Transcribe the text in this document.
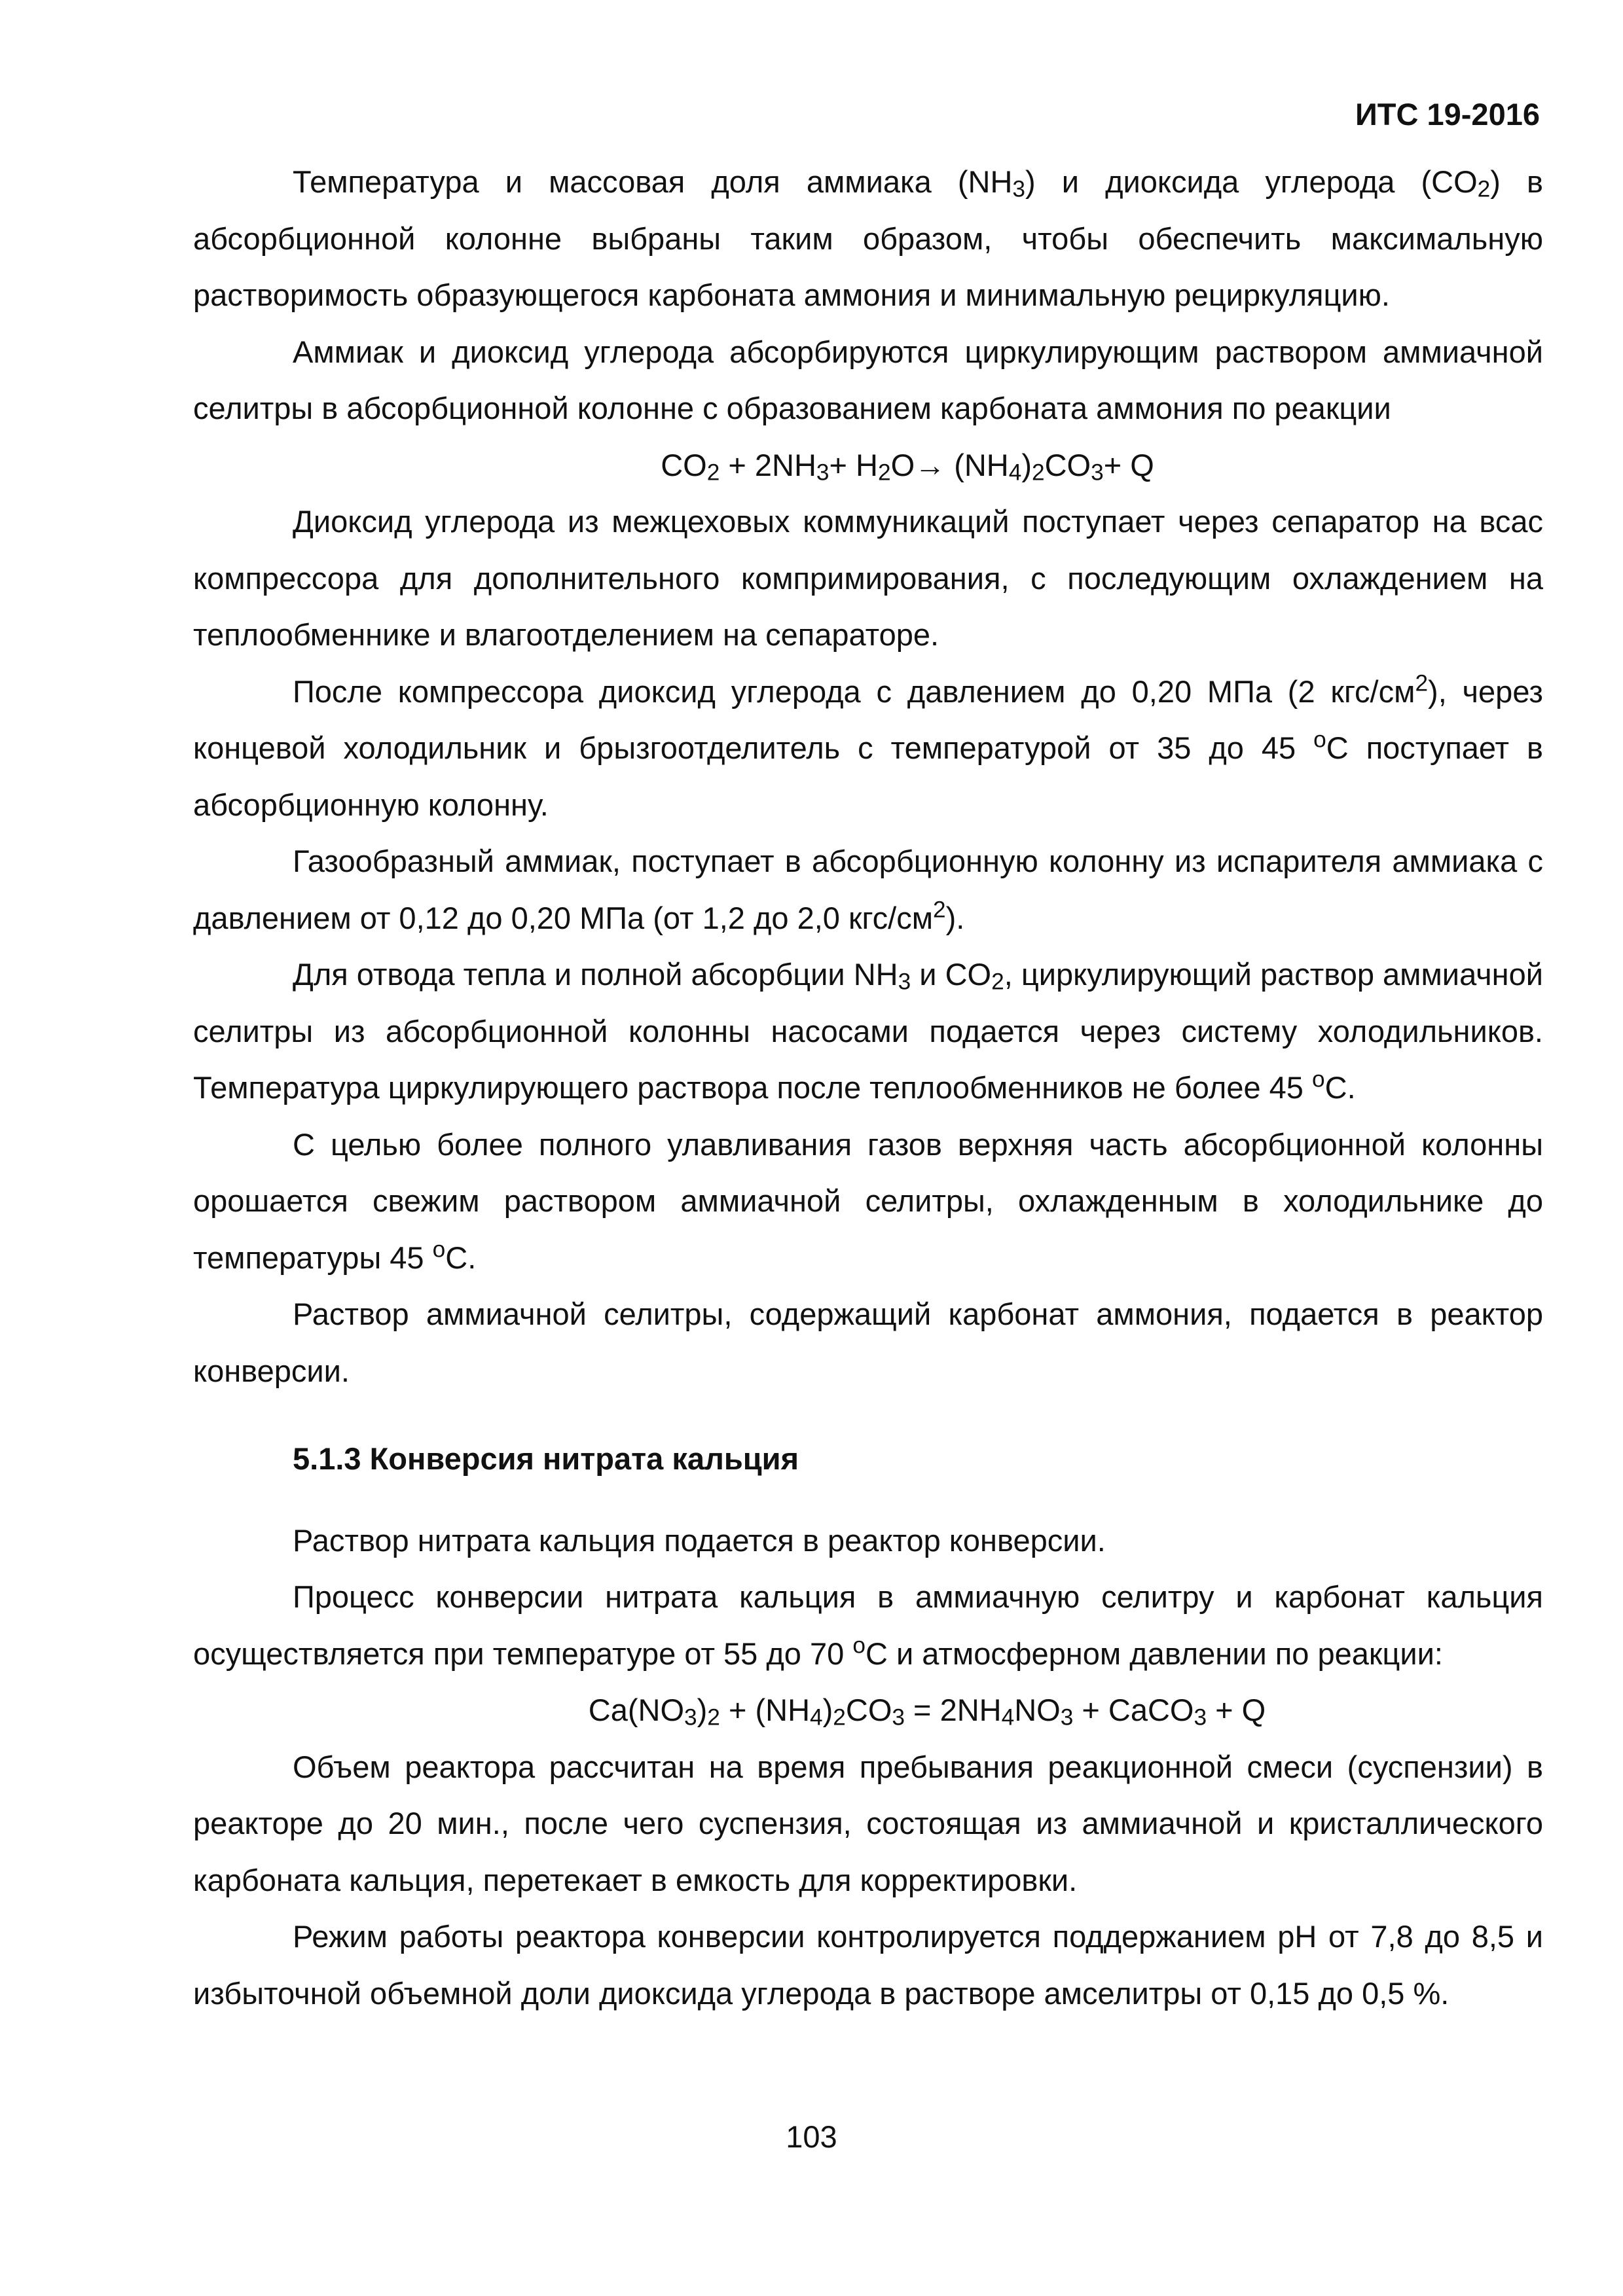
ИТС 19-2016

Температура и массовая доля аммиака (NH3) и диоксида углерода (CO2) в абсорбционной колонне выбраны таким образом, чтобы обеспечить максимальную растворимость образующегося карбоната аммония и минимальную рециркуляцию.

Аммиак и диоксид углерода абсорбируются циркулирующим раствором аммиачной селитры в абсорбционной колонне с образованием карбоната аммония по реакции

CO2 + 2NH3+ H2O→ (NH4)2CO3+ Q

Диоксид углерода из межцеховых коммуникаций поступает через сепаратор на всас компрессора для дополнительного компримирования, с последующим охлаждением на теплообменнике и влагоотделением на сепараторе.

После компрессора диоксид углерода с давлением до 0,20 МПа (2 кгс/$см^2$), через концевой холодильник и брызгоотделитель с температурой от 35 до 45 $^о$С поступает в абсорбционную колонну.

Газообразный аммиак, поступает в абсорбционную колонну из испарителя аммиака с давлением от 0,12 до 0,20 МПа (от 1,2 до 2,0 кгс/$см^2$).

Для отвода тепла и полной абсорбции NH3 и CO2, циркулирующий раствор аммиачной селитры из абсорбционной колонны насосами подается через систему холодильников. Температура циркулирующего раствора после теплообменников не более 45 $^о$С.

С целью более полного улавливания газов верхняя часть абсорбционной колонны орошается свежим раствором аммиачной селитры, охлажденным в холодильнике до температуры 45 $^о$С.

Раствор аммиачной селитры, содержащий карбонат аммония, подается в реактор конверсии.

5.1.3 Конверсия нитрата кальция

Раствор нитрата кальция подается в реактор конверсии.

Процесс конверсии нитрата кальция в аммиачную селитру и карбонат кальция осуществляется при температуре от 55 до 70 $^о$С и атмосферном давлении по реакции:

Ca(NO3)2 + (NH4)2CO3 = 2NH4NO3 + CaCO3 + Q

Объем реактора рассчитан на время пребывания реакционной смеси (суспензии) в реакторе до 20 мин., после чего суспензия, состоящая из аммиачной и кристаллического карбоната кальция, перетекает в емкость для корректировки.

Режим работы реактора конверсии контролируется поддержанием рН от 7,8 до 8,5 и избыточной объемной доли диоксида углерода в растворе амселитры от 0,15 до 0,5 %.

103
